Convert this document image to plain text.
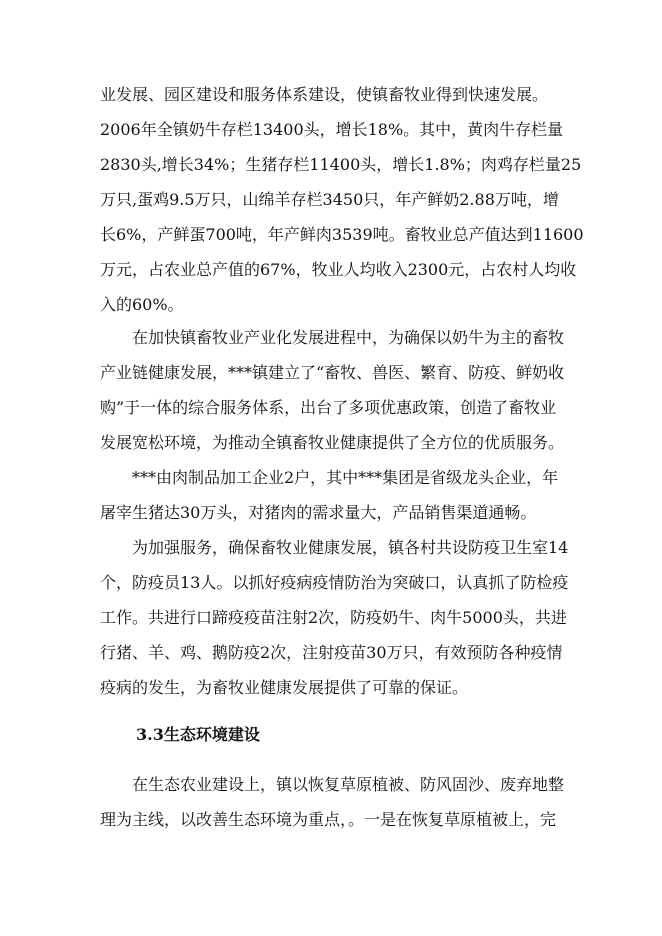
业发展、园区建设和服务体系建设，使镇畜牧业得到快速发展。
2006年全镇奶牛存栏13400头，增长18%。其中，黄肉牛存栏量
2830头,增长34%；生猪存栏11400头，增长1.8%；肉鸡存栏量25
万只,蛋鸡9.5万只，山绵羊存栏3450只，年产鲜奶2.88万吨，增
长6%，产鲜蛋700吨，年产鲜肉3539吨。畜牧业总产值达到11600
万元，占农业总产值的67%，牧业人均收入2300元，占农村人均收
入的60%。
在加快镇畜牧业产业化发展进程中，为确保以奶牛为主的畜牧
产业链健康发展，***镇建立了“畜牧、兽医、繁育、防疫、鲜奶收
购”于一体的综合服务体系，出台了多项优惠政策，创造了畜牧业
发展宽松环境，为推动全镇畜牧业健康提供了全方位的优质服务。
***由肉制品加工企业2户，其中***集团是省级龙头企业，年
屠宰生猪达30万头，对猪肉的需求量大，产品销售渠道通畅。
为加强服务，确保畜牧业健康发展，镇各村共设防疫卫生室14
个，防疫员13人。以抓好疫病疫情防治为突破口，认真抓了防检疫
工作。共进行口蹄疫疫苗注射2次，防疫奶牛、肉牛5000头，共进
行猪、羊、鸡、鹅防疫2次，注射疫苗30万只，有效预防各种疫情
疫病的发生，为畜牧业健康发展提供了可靠的保证。
3.3生态环境建设
在生态农业建设上，镇以恢复草原植被、防风固沙、废弃地整
理为主线，以改善生态环境为重点，。一是在恢复草原植被上，完
